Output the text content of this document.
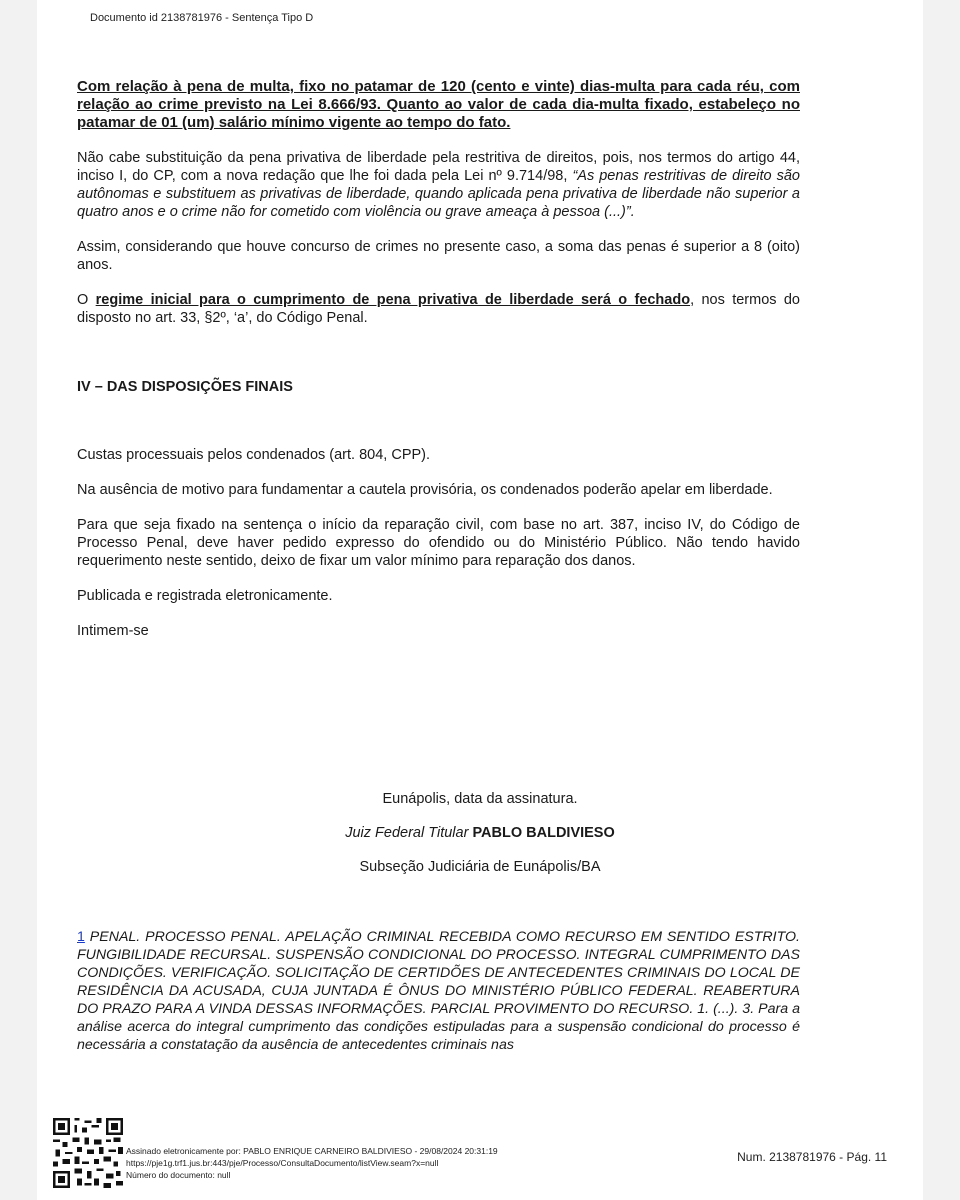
Documento id 2138781976 - Sentença Tipo D

Com relação à pena de multa, fixo no patamar de 120 (cento e vinte) dias-multa para cada réu, com relação ao crime previsto na Lei 8.666/93. Quanto ao valor de cada dia-multa fixado, estabeleço no patamar de 01 (um) salário mínimo vigente ao tempo do fato.

Não cabe substituição da pena privativa de liberdade pela restritiva de direitos, pois, nos termos do artigo 44, inciso I, do CP, com a nova redação que lhe foi dada pela Lei nº 9.714/98, “As penas restritivas de direito são autônomas e substituem as privativas de liberdade, quando aplicada pena privativa de liberdade não superior a quatro anos e o crime não for cometido com violência ou grave ameaça à pessoa (...)”.

Assim, considerando que houve concurso de crimes no presente caso, a soma das penas é superior a 8 (oito) anos.

O regime inicial para o cumprimento de pena privativa de liberdade será o fechado, nos termos do disposto no art. 33, §2º, ‘a’, do Código Penal.

IV – DAS DISPOSIÇÕES FINAIS

Custas processuais pelos condenados (art. 804, CPP).

Na ausência de motivo para fundamentar a cautela provisória, os condenados poderão apelar em liberdade.

Para que seja fixado na sentença o início da reparação civil, com base no art. 387, inciso IV, do Código de Processo Penal, deve haver pedido expresso do ofendido ou do Ministério Público. Não tendo havido requerimento neste sentido, deixo de fixar um valor mínimo para reparação dos danos.

Publicada e registrada eletronicamente.

Intimem-se

Eunápolis, data da assinatura.
Juiz Federal Titular PABLO BALDIVIESO
Subseção Judiciária de Eunápolis/BA
1 PENAL. PROCESSO PENAL. APELAÇÃO CRIMINAL RECEBIDA COMO RECURSO EM SENTIDO ESTRITO. FUNGIBILIDADE RECURSAL. SUSPENSÃO CONDICIONAL DO PROCESSO. INTEGRAL CUMPRIMENTO DAS CONDIÇÕES. VERIFICAÇÃO. SOLICITAÇÃO DE CERTIDÕES DE ANTECEDENTES CRIMINAIS DO LOCAL DE RESIDÊNCIA DA ACUSADA, CUJA JUNTADA É ÔNUS DO MINISTÉRIO PÚBLICO FEDERAL. REABERTURA DO PRAZO PARA A VINDA DESSAS INFORMAÇÕES. PARCIAL PROVIMENTO DO RECURSO. 1. (...). 3. Para a análise acerca do integral cumprimento das condições estipuladas para a suspensão condicional do processo é necessária a constatação da ausência de antecedentes criminais nas
Assinado eletronicamente por: PABLO ENRIQUE CARNEIRO BALDIVIESO - 29/08/2024 20:31:19
https://pje1g.trf1.jus.br:443/pje/Processo/ConsultaDocumento/listView.seam?x=null
Número do documento: null
Num. 2138781976 - Pág. 11
